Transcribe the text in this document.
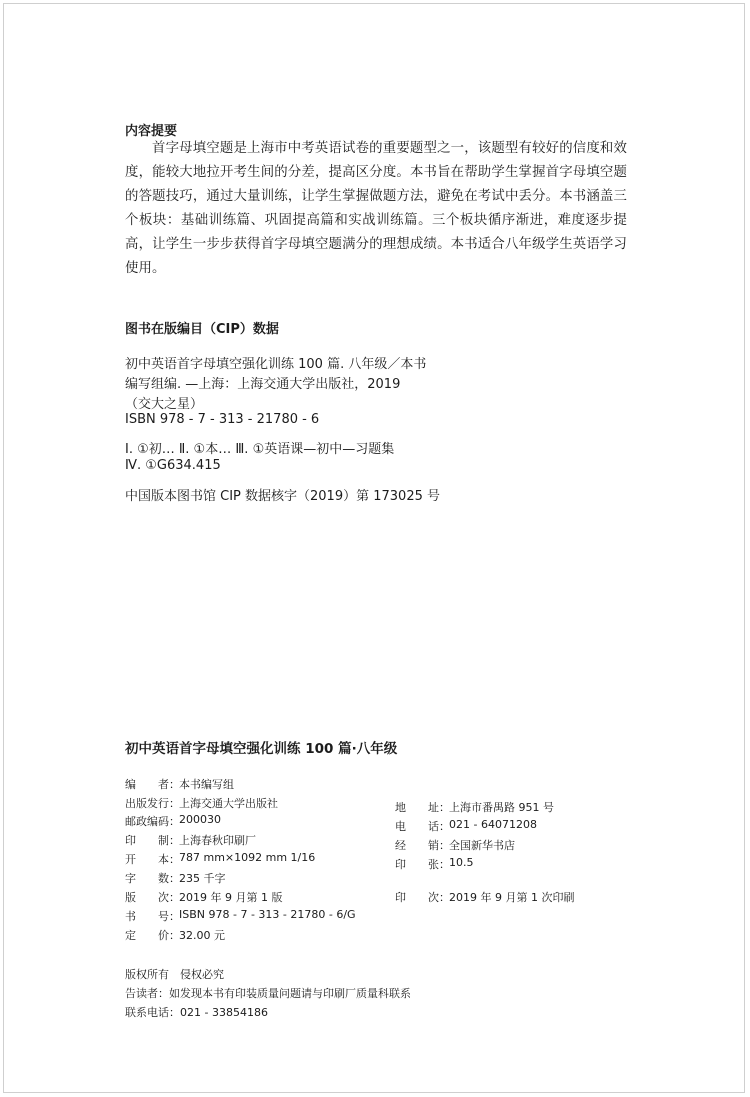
内容提要
首字母填空题是上海市中考英语试卷的重要题型之一，该题型有较好的信度和效度，能较大地拉开考生间的分差，提高区分度。本书旨在帮助学生掌握首字母填空题的答题技巧，通过大量训练，让学生掌握做题方法，避免在考试中丢分。本书涵盖三个板块：基础训练篇、巩固提高篇和实战训练篇。三个板块循序渐进，难度逐步提高，让学生一步步获得首字母填空题满分的理想成绩。本书适合八年级学生英语学习使用。
图书在版编目（CIP）数据
初中英语首字母填空强化训练 100 篇. 八年级／本书
编写组编. —上海：上海交通大学出版社，2019
（交大之星）
ISBN 978 - 7 - 313 - 21780 - 6
Ⅰ. ①初… Ⅱ. ①本… Ⅲ. ①英语课—初中—习题集
Ⅳ. ①G634.415
中国版本图书馆 CIP 数据核字（2019）第 173025 号
初中英语首字母填空强化训练 100 篇·八年级
编　　者： 本书编写组
出版发行： 上海交通大学出版社
邮政编码： 200030
印　　制： 上海春秋印刷厂
开　　本： 787 mm×1092 mm 1/16
字　　数： 235 千字
版　　次： 2019 年 9 月第 1 版
书　　号： ISBN 978 - 7 - 313 - 21780 - 6/G
定　　价： 32.00 元
地　　址： 上海市番禺路 951 号
电　　话： 021 - 64071208
经　　销： 全国新华书店
印　　张： 10.5
印　　次： 2019 年 9 月第 1 次印刷
版权所有　侵权必究
告读者：如发现本书有印装质量问题请与印刷厂质量科联系
联系电话：021 - 33854186
